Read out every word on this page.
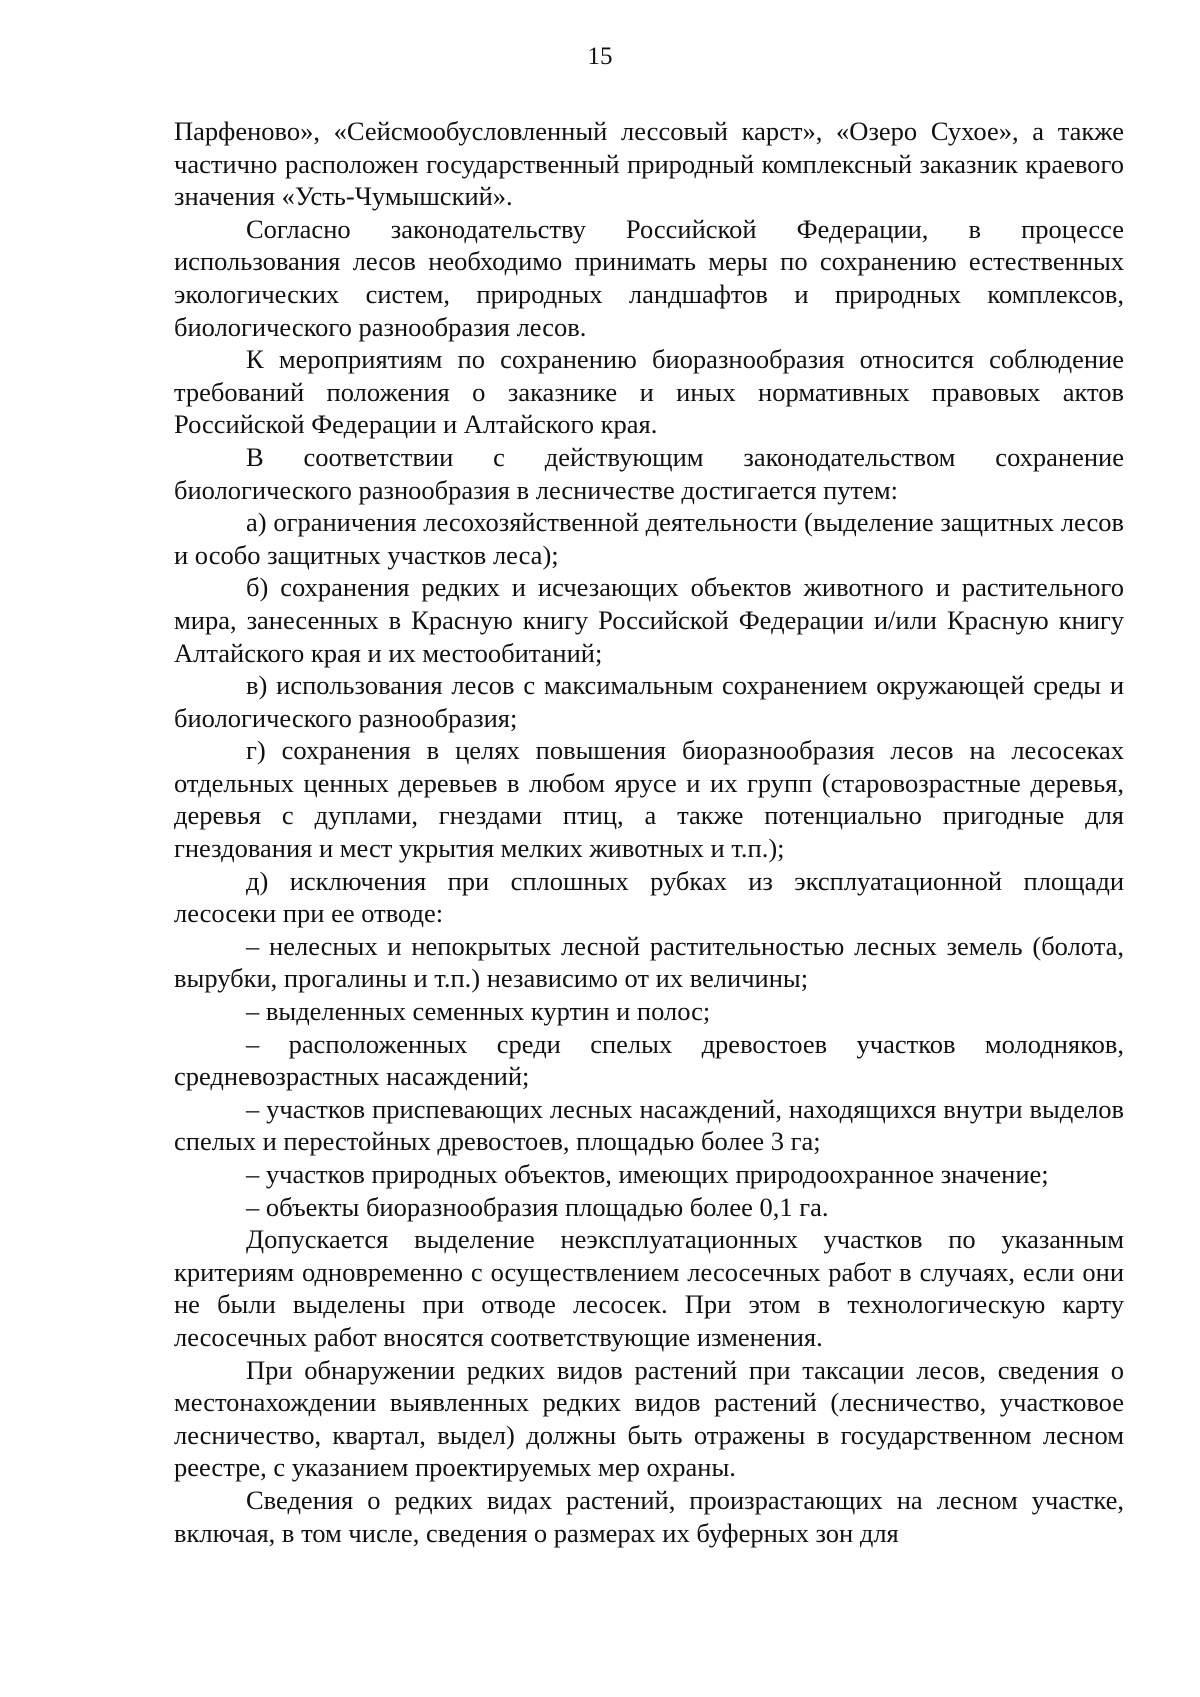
15

Парфеново», «Сейсмообусловленный лессовый карст», «Озеро Сухое», а также частично расположен государственный природный комплексный заказник краевого значения «Усть-Чумышский».

Согласно законодательству Российской Федерации, в процессе использования лесов необходимо принимать меры по сохранению естественных экологических систем, природных ландшафтов и природных комплексов, биологического разнообразия лесов.

К мероприятиям по сохранению биоразнообразия относится соблюдение требований положения о заказнике и иных нормативных правовых актов Российской Федерации и Алтайского края.

В соответствии с действующим законодательством сохранение биологического разнообразия в лесничестве достигается путем:

а) ограничения лесохозяйственной деятельности (выделение защитных лесов и особо защитных участков леса);

б) сохранения редких и исчезающих объектов животного и растительного мира, занесенных в Красную книгу Российской Федерации и/или Красную книгу Алтайского края и их местообитаний;

в) использования лесов с максимальным сохранением окружающей среды и биологического разнообразия;

г) сохранения в целях повышения биоразнообразия лесов на лесосеках отдельных ценных деревьев в любом ярусе и их групп (старовозрастные деревья, деревья с дуплами, гнездами птиц, а также потенциально пригодные для гнездования и мест укрытия мелких животных и т.п.);

д) исключения при сплошных рубках из эксплуатационной площади лесосеки при ее отводе:

– нелесных и непокрытых лесной растительностью лесных земель (болота, вырубки, прогалины и т.п.) независимо от их величины;

– выделенных семенных куртин и полос;

– расположенных среди спелых древостоев участков молодняков, средневозрастных насаждений;

– участков приспевающих лесных насаждений, находящихся внутри выделов спелых и перестойных древостоев, площадью более 3 га;

– участков природных объектов, имеющих природоохранное значение;

– объекты биоразнообразия площадью более 0,1 га.

Допускается выделение неэксплуатационных участков по указанным критериям одновременно с осуществлением лесосечных работ в случаях, если они не были выделены при отводе лесосек. При этом в технологическую карту лесосечных работ вносятся соответствующие изменения.

При обнаружении редких видов растений при таксации лесов, сведения о местонахождении выявленных редких видов растений (лесничество, участковое лесничество, квартал, выдел) должны быть отражены в государственном лесном реестре, с указанием проектируемых мер охраны.

Сведения о редких видах растений, произрастающих на лесном участке, включая, в том числе, сведения о размерах их буферных зон для
